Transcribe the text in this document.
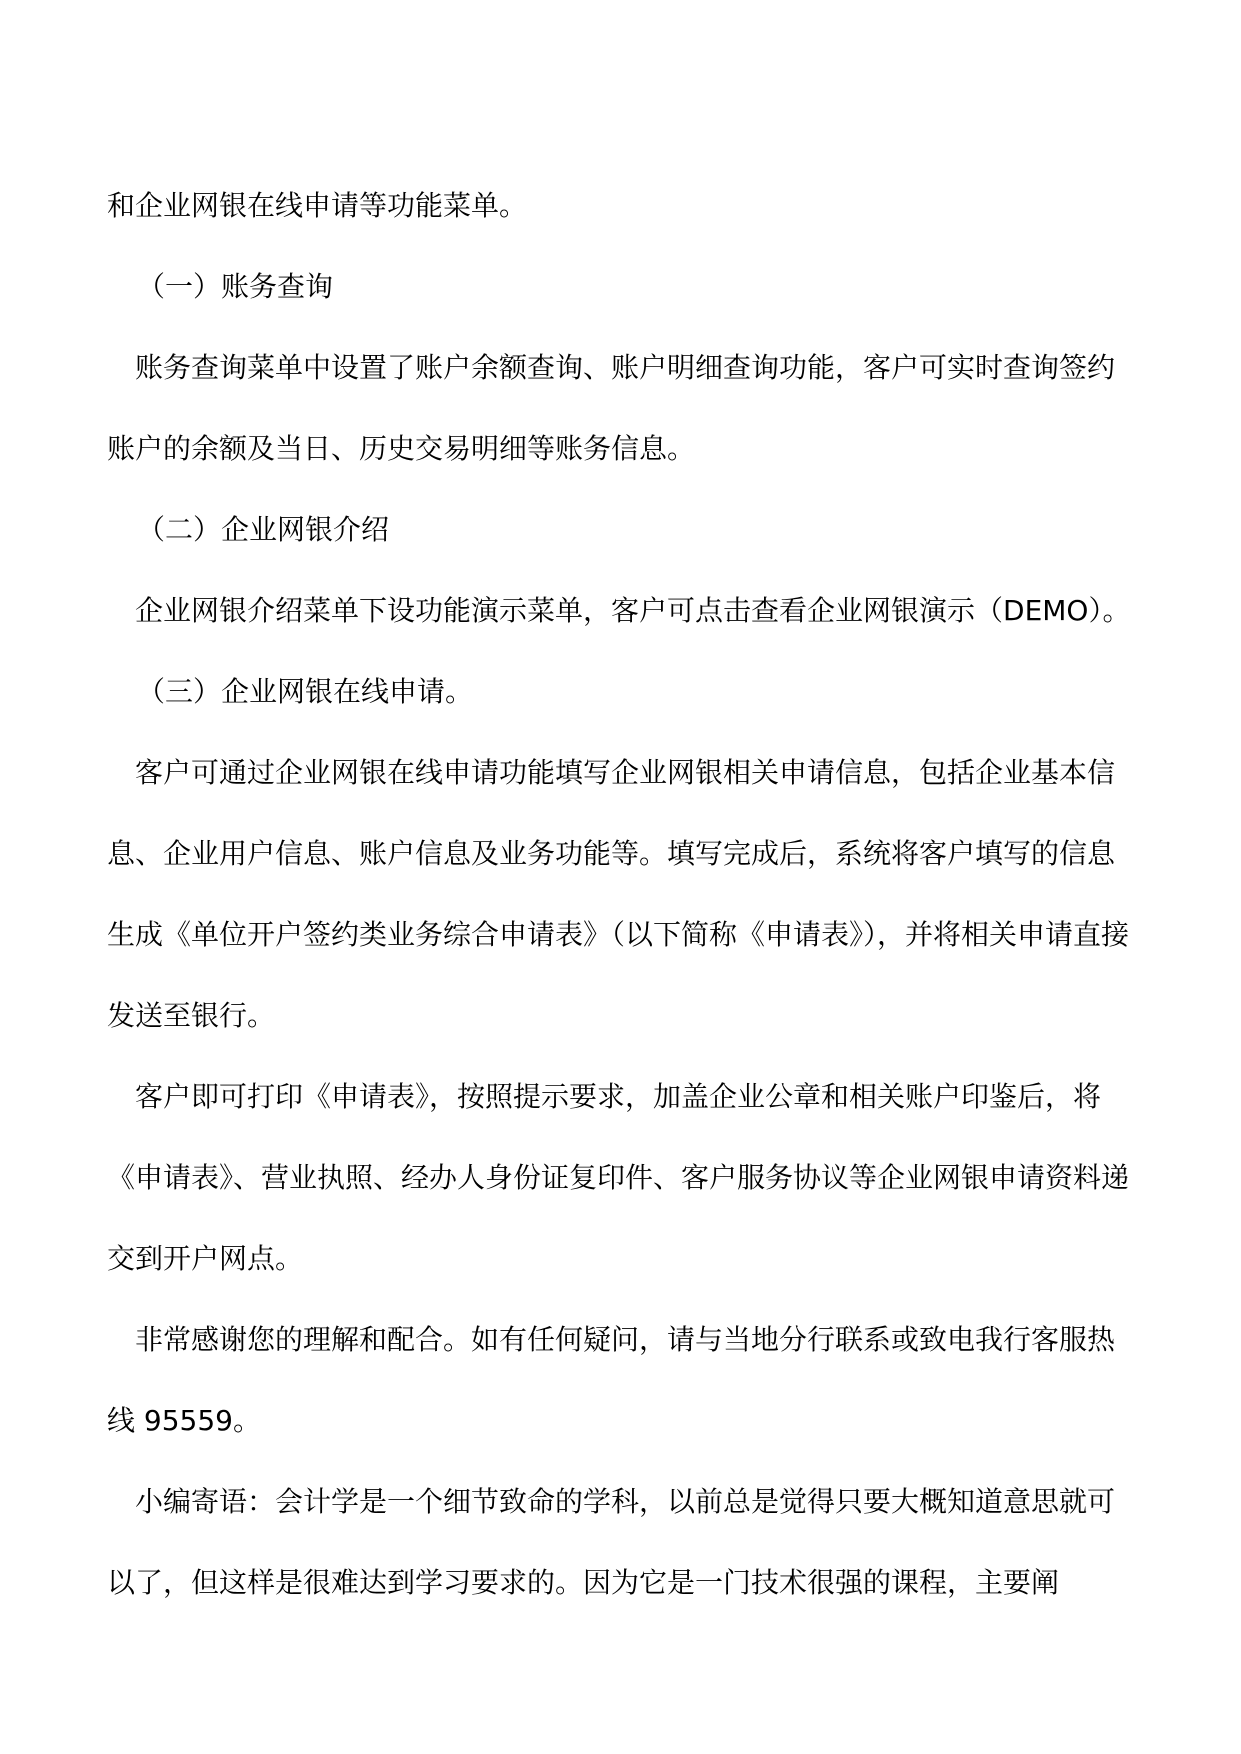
和企业网银在线申请等功能菜单。

（一）账务查询

账务查询菜单中设置了账户余额查询、账户明细查询功能，客户可实时查询签约账户的余额及当日、历史交易明细等账务信息。

（二）企业网银介绍

企业网银介绍菜单下设功能演示菜单，客户可点击查看企业网银演示（DEMO）。

（三）企业网银在线申请。

客户可通过企业网银在线申请功能填写企业网银相关申请信息，包括企业基本信息、企业用户信息、账户信息及业务功能等。填写完成后，系统将客户填写的信息生成《单位开户签约类业务综合申请表》（以下简称《申请表》），并将相关申请直接发送至银行。

客户即可打印《申请表》，按照提示要求，加盖企业公章和相关账户印鉴后，将《申请表》、营业执照、经办人身份证复印件、客户服务协议等企业网银申请资料递交到开户网点。

非常感谢您的理解和配合。如有任何疑问，请与当地分行联系或致电我行客服热线 95559。

小编寄语：会计学是一个细节致命的学科，以前总是觉得只要大概知道意思就可以了，但这样是很难达到学习要求的。因为它是一门技术很强的课程，主要阐
